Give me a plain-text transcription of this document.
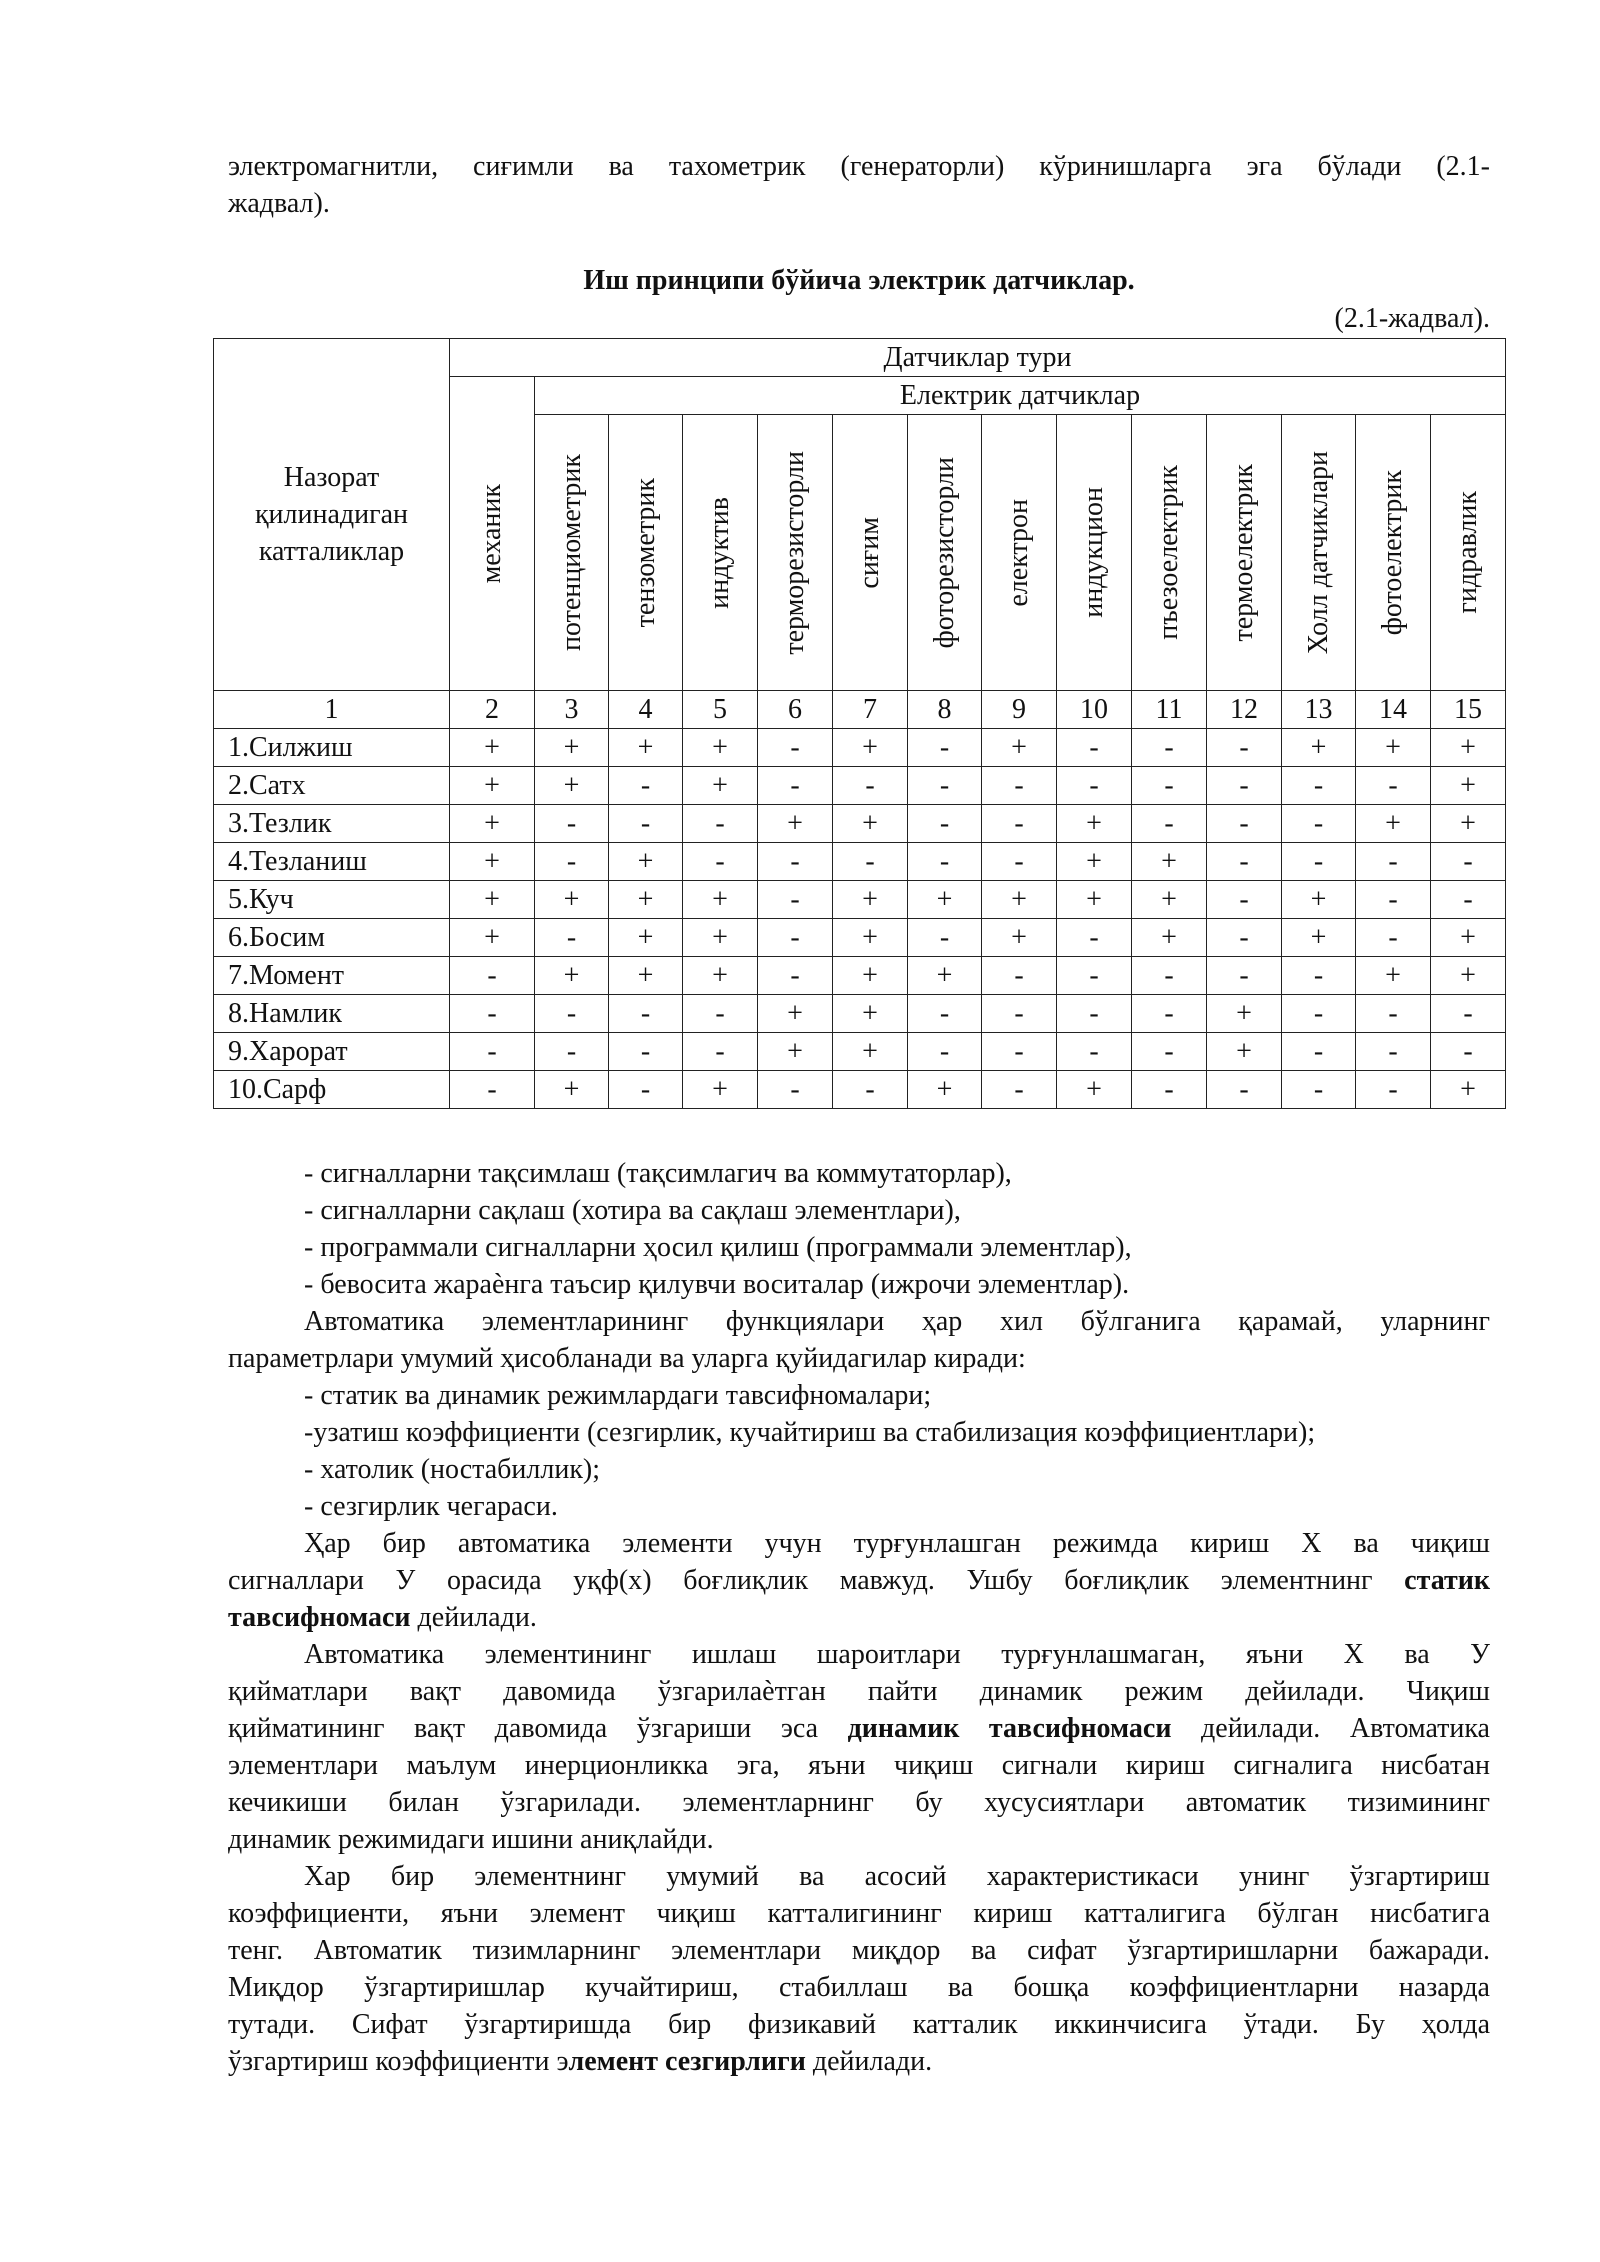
электромагнитли, сиғимли ва тахометрик (генераторли) кўринишларга эга бўлади (2.1-

жадвал).

Иш принципи бўйича электрик датчиклар.

(2.1-жадвал).

Назорат
қилинадиган
катталиклар	Датчиклар тури													

	механик	Електрик датчиклар												

		потенциометрик	тензометрик	индуктив	терморезисторли	сиғим	фоторезисторли	електрон	индукцион	пъезоелектрик	термоелектрик	Холл датчиклари	фотоелектрик	гидравлик

1	2	3	4	5	6	7	8	9	10	11	12	13	14	15
1.Силжиш	+	+	+	+	-	+	-	+	-	-	-	+	+	+
2.Сатх	+	+	-	+	-	-	-	-	-	-	-	-	-	+
3.Тезлик	+	-	-	-	+	+	-	-	+	-	-	-	+	+
4.Тезланиш	+	-	+	-	-	-	-	-	+	+	-	-	-	-
5.Куч	+	+	+	+	-	+	+	+	+	+	-	+	-	-
6.Босим	+	-	+	+	-	+	-	+	-	+	-	+	-	+
7.Момент	-	+	+	+	-	+	+	-	-	-	-	-	+	+
8.Намлик	-	-	-	-	+	+	-	-	-	-	+	-	-	-
9.Харорат	-	-	-	-	+	+	-	-	-	-	+	-	-	-
10.Сарф	-	+	-	+	-	-	+	-	+	-	-	-	-	+

- сигналларни тақсимлаш (тақсимлагич ва коммутаторлар),

- сигналларни сақлаш (хотира ва сақлаш элементлари),

- программали сигналларни ҳосил қилиш (программали элементлар),

- бевосита жараѐнга таъсир қилувчи воситалар (ижрочи элементлар).

Автоматика элементларининг функциялари ҳар хил бўлганига қарамай, уларнинг

параметрлари умумий ҳисобланади ва уларга қуйидагилар киради:

- статик ва динамик режимлардаги тавсифномалари;

-узатиш коэффициенти (сезгирлик, кучайтириш ва стабилизация коэффициентлари);

- хатолик (ностабиллик);

- сезгирлик чегараси.

Ҳар бир автоматика элементи учун турғунлашган режимда кириш X ва чиқиш

сигналлари У орасида уқф(х) боғлиқлик мавжуд. Ушбу боғлиқлик элементнинг статик

тавсифномаси дейилади.

Автоматика элементининг ишлаш шароитлари турғунлашмаган, яъни X ва У

қийматлари вақт давомида ўзгарилаѐтган пайти динамик режим дейилади. Чиқиш

қийматининг вақт давомида ўзгариши эса динамик тавсифномаси дейилади. Автоматика

элементлари маълум инерционликка эга, яъни чиқиш сигнали кириш сигналига нисбатан

кечикиши билан ўзгарилади. элементларнинг бу хусусиятлари автоматик тизимининг

динамик режимидаги ишини аниқлайди.

Хар бир элементнинг умумий ва асосий характеристикаси унинг ўзгартириш

коэффициенти, яъни элемент чиқиш катталигининг кириш катталигига бўлган нисбатига

тенг. Автоматик тизимларнинг элементлари миқдор ва сифат ўзгартиришларни бажаради.

Миқдор ўзгартиришлар кучайтириш, стабиллаш ва бошқа коэффициентларни назарда

тутади. Сифат ўзгартиришда бир физикавий катталик иккинчисига ўтади. Бу ҳолда

ўзгартириш коэффициенти элемент сезгирлиги дейилади.
